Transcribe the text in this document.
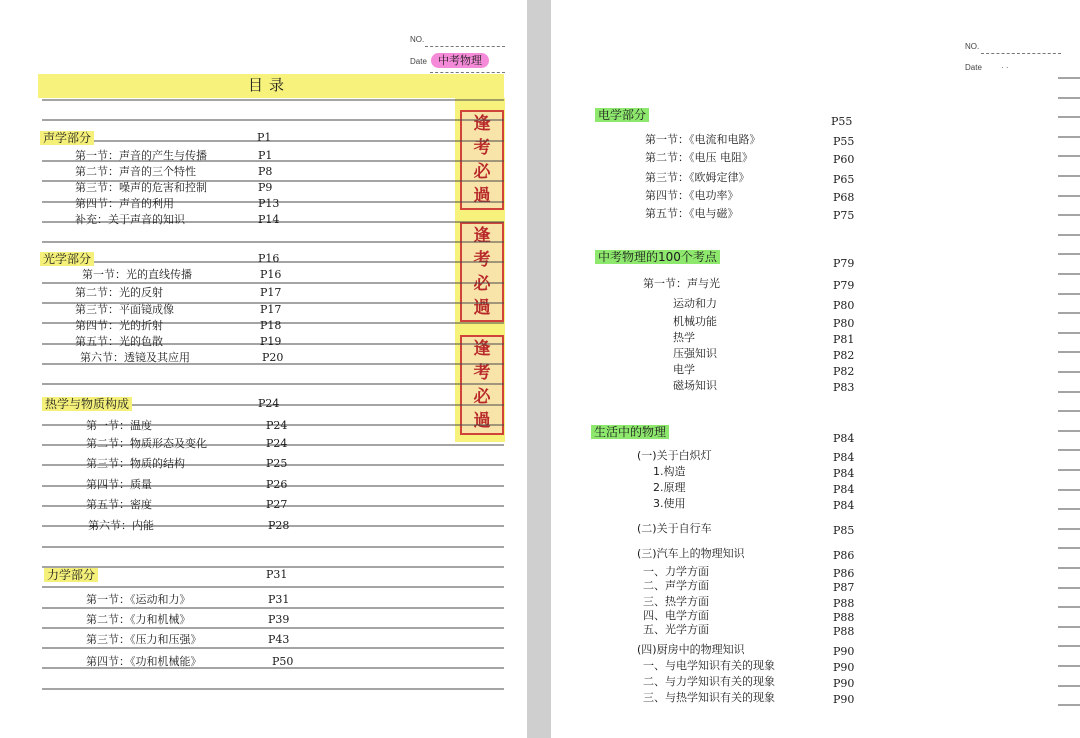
NO.
Date	中考物理
目录
逢
考
必
過
逢
考
必
過
逢
考
必
過
声学部分	P1
第一节：声音的产生与传播	P1
第二节：声音的三个特性	P8
第三节：噪声的危害和控制	P9
第四节：声音的利用	P13
补充：关于声音的知识	P14
光学部分	P16
第一节：光的直线传播	P16
第二节：光的反射	P17
第三节：平面镜成像	P17
第四节：光的折射	P18
第五节：光的色散	P19
第六节：透镜及其应用	P20
热学与物质构成	P24
第一节：温度	P24
第二节：物质形态及变化	P24
第三节：物质的结构	P25
第四节：质量	P26
第五节：密度	P27
第六节：内能	P28
力学部分	P31
第一节：《运动和力》	P31
第二节：《力和机械》	P39
第三节：《压力和压强》	P43
第四节：《功和机械能》	P50
NO.
Date · ·
电学部分	P55
第一节：《电流和电路》	P55
第二节：《电压 电阻》	P60
第三节：《欧姆定律》	P65
第四节：《电功率》	P68
第五节：《电与磁》	P75
中考物理的100个考点	P79
第一节：声与光	P79
运动和力	P80
机械功能	P80
热学	P81
压强知识	P82
电学	P82
磁场知识	P83
生活中的物理	P84
(一)关于白炽灯	P84
1.构造	P84
2.原理	P84
3.使用	P84
(二)关于自行车	P85
(三)汽车上的物理知识	P86
一、力学方面	P86
二、声学方面	P87
三、热学方面	P88
四、电学方面	P88
五、光学方面	P88
(四)厨房中的物理知识	P90
一、与电学知识有关的现象	P90
二、与力学知识有关的现象	P90
三、与热学知识有关的现象	P90
